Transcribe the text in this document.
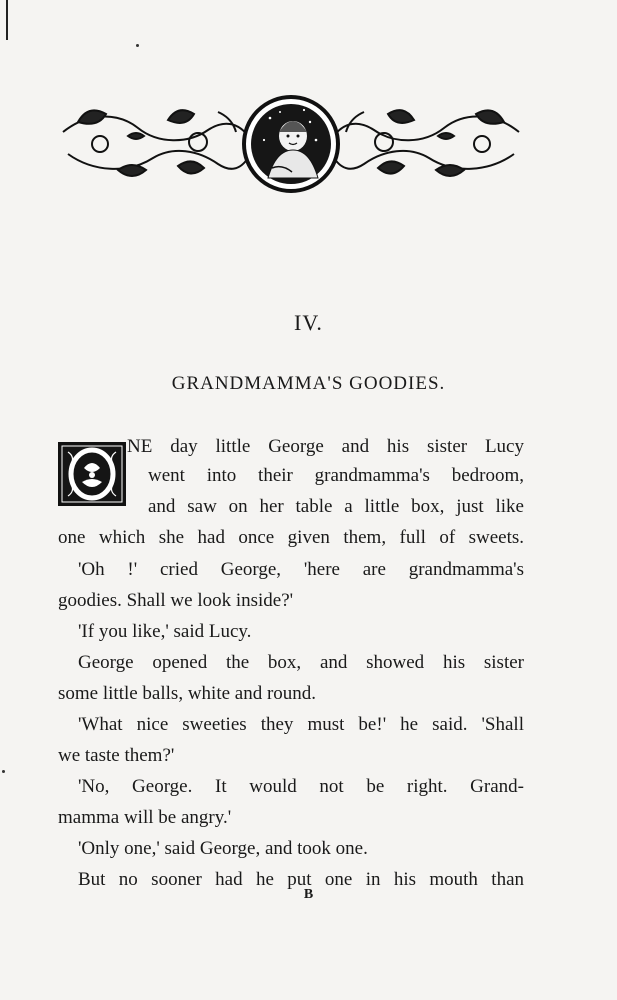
IV.
GRANDMAMMA'S GOODIES.
NE day little George and his sister Lucy
went into their grandmamma's bedroom,
and saw on her table a little box, just like
one which she had once given them, full of sweets.
'Oh !' cried George, 'here are grandmamma's
goodies. Shall we look inside?'
'If you like,' said Lucy.
George opened the box, and showed his sister
some little balls, white and round.
'What nice sweeties they must be!' he said. 'Shall
we taste them?'
'No, George. It would not be right. Grand-
mamma will be angry.'
'Only one,' said George, and took one.
But no sooner had he put one in his mouth than
B
